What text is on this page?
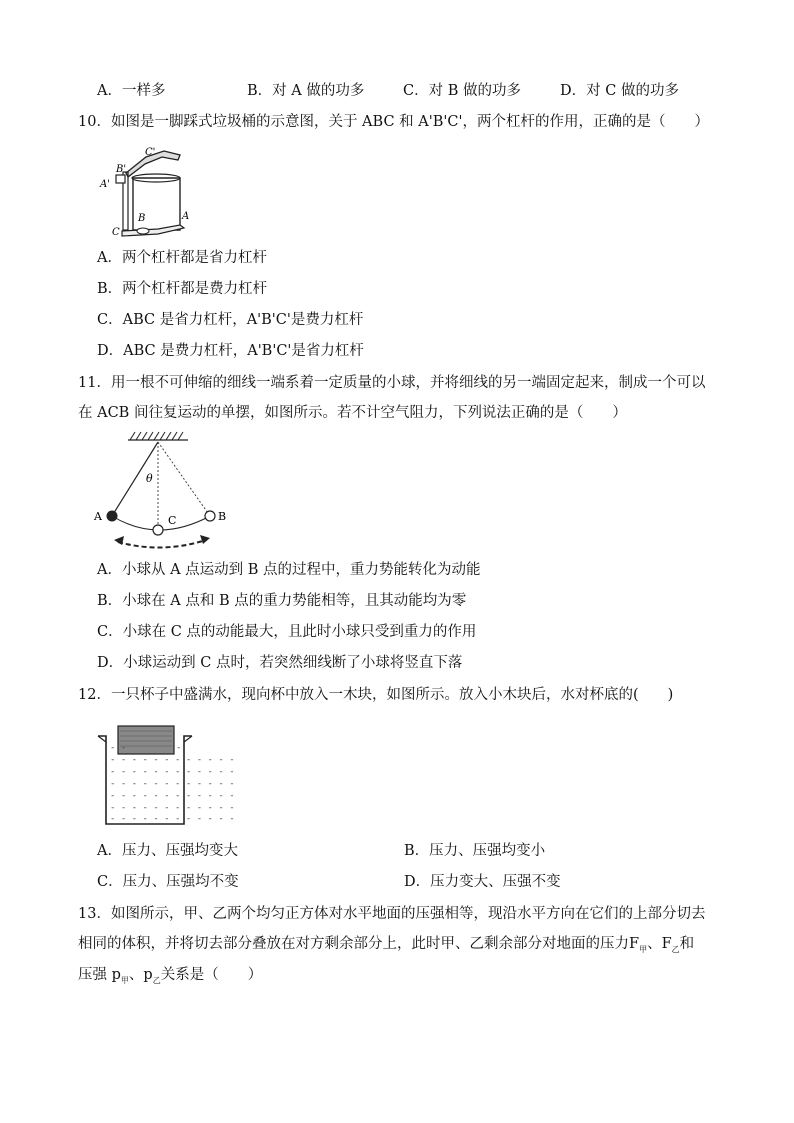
A．一样多	B．对 A 做的功多	C．对 B 做的功多	D．对 C 做的功多
10．如图是一脚踩式垃圾桶的示意图，关于 ABC 和 A'B'C'，两个杠杆的作用，正确的是（　　）
C'
B'
A'
B	A
C
A．两个杠杆都是省力杠杆
B．两个杠杆都是费力杠杆
C．ABC 是省力杠杆，A'B'C'是费力杠杆
D．ABC 是费力杠杆，A'B'C'是省力杠杆
11．用一根不可伸缩的细线一端系着一定质量的小球，并将细线的另一端固定起来，制成一个可以
在 ACB 间往复运动的单摆，如图所示。若不计空气阻力，下列说法正确的是（　　）
A	B
C
θ
A．小球从 A 点运动到 B 点的过程中，重力势能转化为动能
B．小球在 A 点和 B 点的重力势能相等，且其动能均为零
C．小球在 C 点的动能最大，且此时小球只受到重力的作用
D．小球运动到 C 点时，若突然细线断了小球将竖直下落
12．一只杯子中盛满水，现向杯中放入一木块，如图所示。放入小木块后，水对杯底的(　　)
- -	-
- - - - - - - - - - - -
- - - - - - - - - - - -
- - - - - - - - - - - -
- - - - - - - - - - - -
- - - - - - - - - - - -
- - - - - - - - - - - -
A．压力、压强均变大	B．压力、压强均变小
C．压力、压强均不变	D．压力变大、压强不变
13．如图所示，甲、乙两个均匀正方体对水平地面的压强相等，现沿水平方向在它们的上部分切去
相同的体积，并将切去部分叠放在对方剩余部分上，此时甲、乙剩余部分对地面的压力$F_甲$、$F_乙$和
压强 $p_甲$、$p_乙$关系是（　　）
